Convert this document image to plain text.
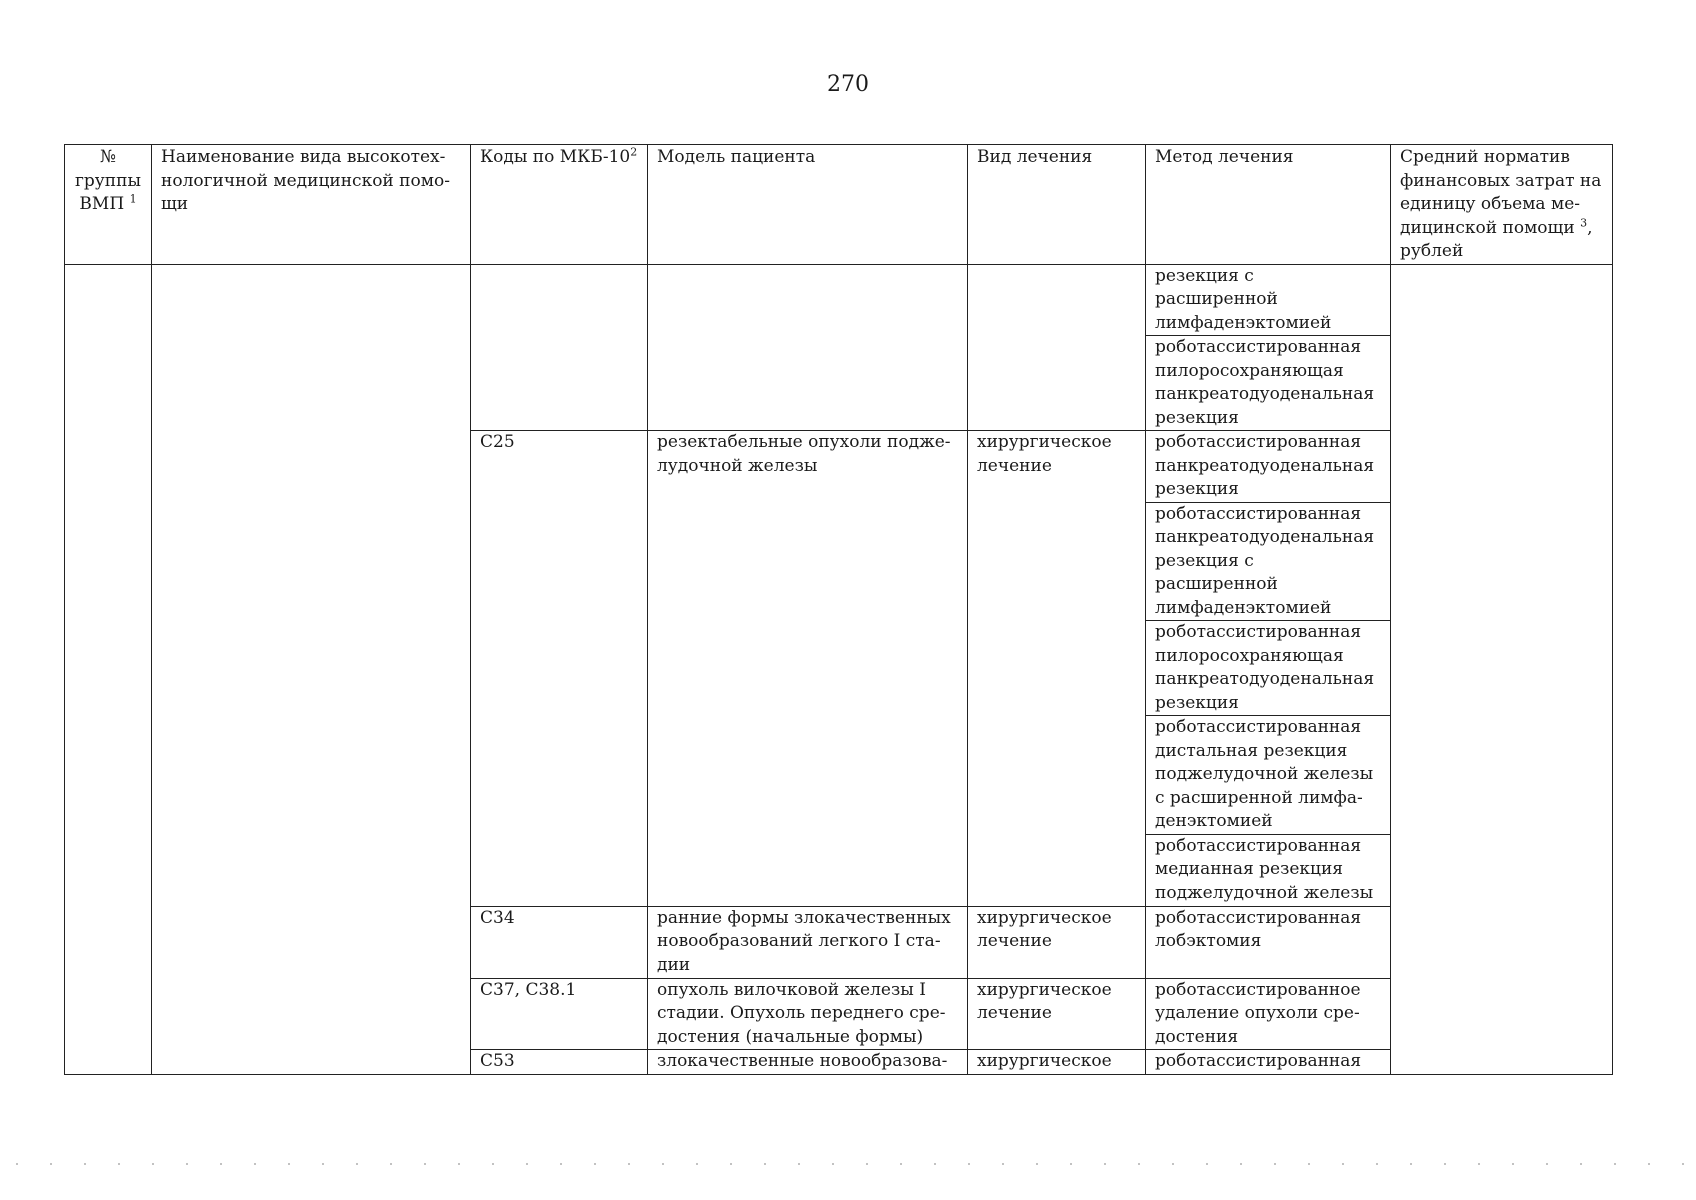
270
№ группы ВМП $^1$	Наименование вида высокотех-нологичной медицинской помо-щи	Коды по МКБ-$10^2$	Модель пациента	Вид лечения	Метод лечения	Средний норматив финансовых затрат на единицу объема ме-дицинской помощи $^3$, рублей
					резекция с расширенной лимфаденэктомией	
					роботассистированная пилоросохраняющая панкреатодуоденальная резекция	
		C25	резектабельные опухоли подже-лудочной железы	хирургическое лечение	роботассистированная панкреатодуоденальная резекция	
					роботассистированная панкреатодуоденальная резекция с расширенной лимфаденэктомией	
					роботассистированная пилоросохраняющая панкреатодуоденальная резекция	
					роботассистированная дистальная резекция поджелудочной железы с расширенной лимфа-денэктомией	
					роботассистированная медианная резекция поджелудочной железы	
		C34	ранние формы злокачественных новообразований легкого I ста-дии	хирургическое лечение	роботассистированная лобэктомия	
		C37, C38.1	опухоль вилочковой железы I стадии. Опухоль переднего сре-достения (начальные формы)	хирургическое лечение	роботассистированное удаление опухоли сре-достения	
		C53	злокачественные новообразова-	хирургическое	роботассистированная	
